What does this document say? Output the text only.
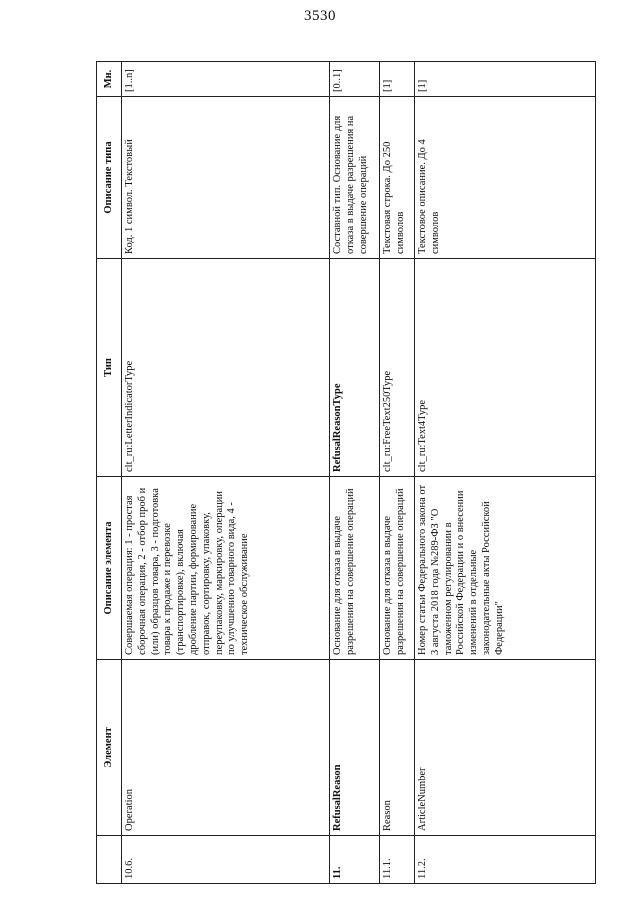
3530
	Элемент	Описание элемента	Тип	Описание типа	Мн.
10.6.	Operation	Совершаемая операция: 1 - простая сборочная операция, 2 - отбор проб и (или) образцов товара, 3 - подготовка товара к продаже и перевозке (транспортировке), включая дробление партии, формирование отправок, сортировку, упаковку, переупаковку, маркировку, операции по улучшению товарного вида, 4 - техническое обслуживание	clt_ru:LetterIndicatorType	Код. 1 символ. Текстовый	[1..n]
11.	RefusalReason	Основание для отказа в выдаче разрешения на совершение операций	RefusalReasonType	Составной тип. Основание для отказа в выдаче разрешения на совершение операций	[0..1]
11.1.	Reason	Основание для отказа в выдаче разрешения на совершение операций	clt_ru:FreeText250Type	Текстовая строка. До 250 символов	[1]
11.2.	ArticleNumber	Номер статьи Федерального закона от 3 августа 2018 года №289-ФЗ "О таможенном регулировании в Российской Федерации и о внесении изменений в отдельные законодательные акты Российской Федерации"	clt_ru:Text4Type	Текстовое описание. До 4 символов	[1]
